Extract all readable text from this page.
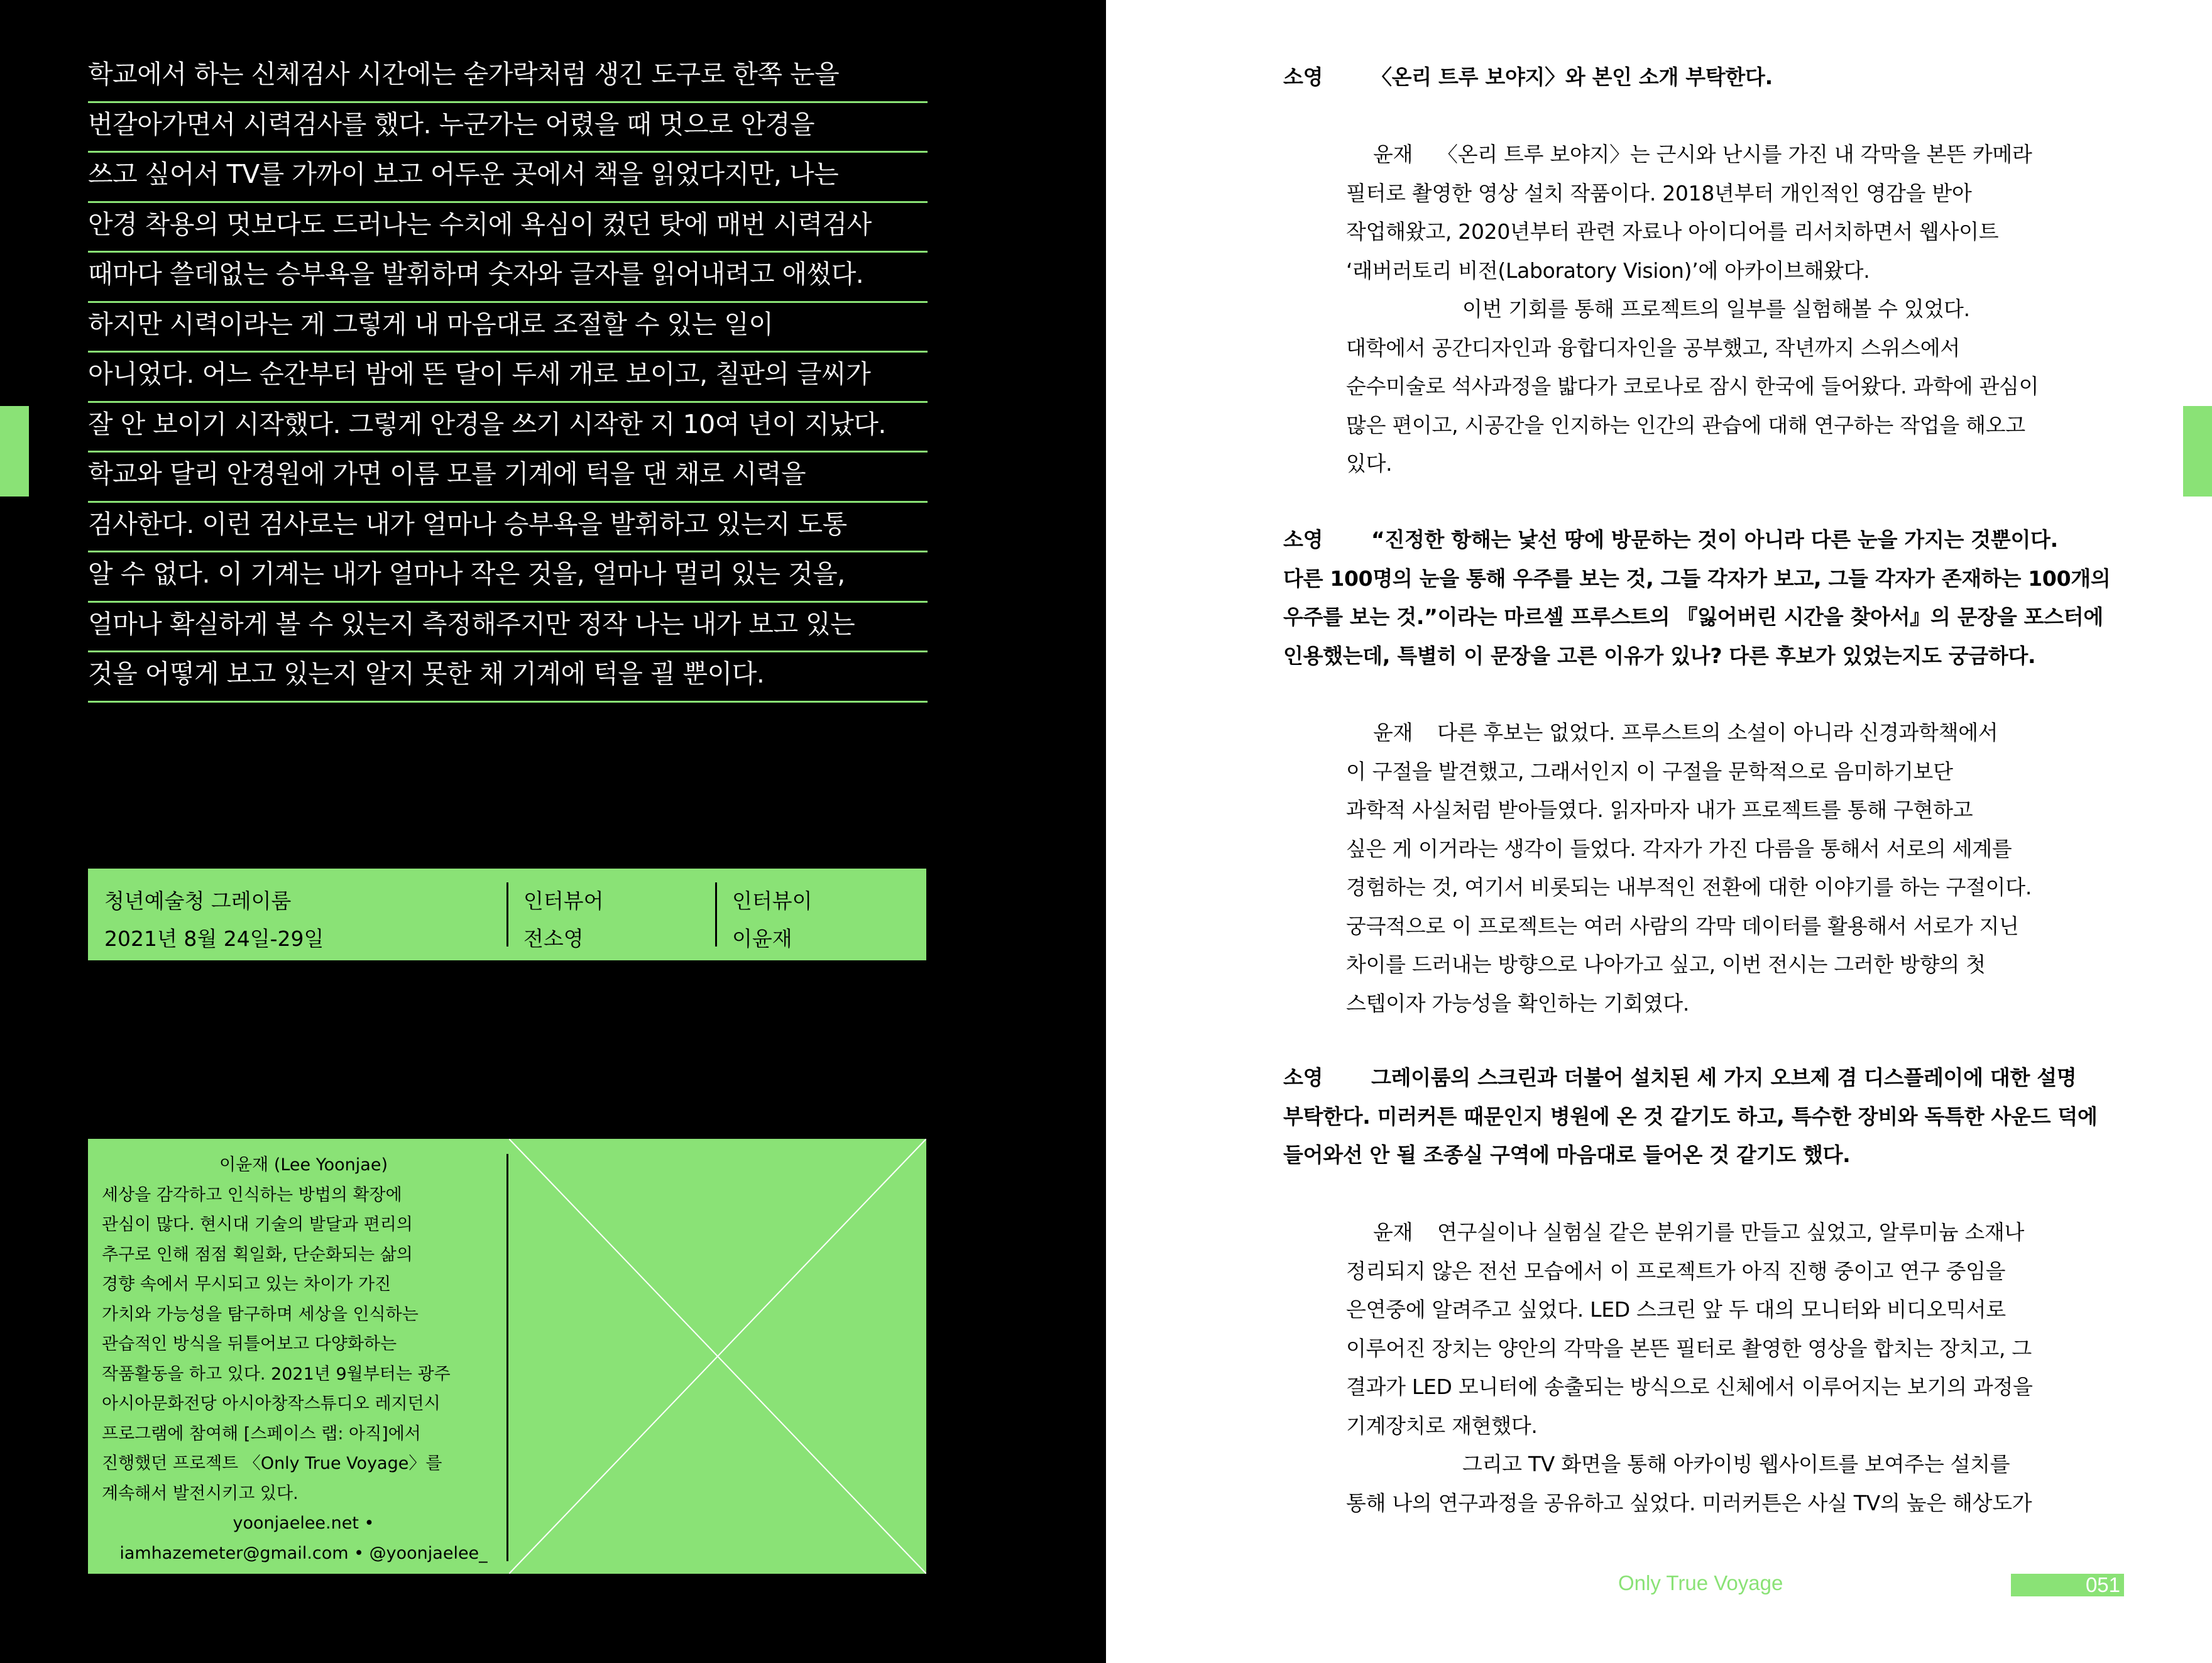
학교에서 하는 신체검사 시간에는 숟가락처럼 생긴 도구로 한쪽 눈을
번갈아가면서 시력검사를 했다. 누군가는 어렸을 때 멋으로 안경을
쓰고 싶어서 TV를 가까이 보고 어두운 곳에서 책을 읽었다지만, 나는
안경 착용의 멋보다도 드러나는 수치에 욕심이 컸던 탓에 매번 시력검사
때마다 쓸데없는 승부욕을 발휘하며 숫자와 글자를 읽어내려고 애썼다.
하지만 시력이라는 게 그렇게 내 마음대로 조절할 수 있는 일이
아니었다. 어느 순간부터 밤에 뜬 달이 두세 개로 보이고, 칠판의 글씨가
잘 안 보이기 시작했다. 그렇게 안경을 쓰기 시작한 지 10여 년이 지났다.
학교와 달리 안경원에 가면 이름 모를 기계에 턱을 댄 채로 시력을
검사한다. 이런 검사로는 내가 얼마나 승부욕을 발휘하고 있는지 도통
알 수 없다. 이 기계는 내가 얼마나 작은 것을, 얼마나 멀리 있는 것을,
얼마나 확실하게 볼 수 있는지 측정해주지만 정작 나는 내가 보고 있는
것을 어떻게 보고 있는지 알지 못한 채 기계에 턱을 괼 뿐이다.
청년예술청 그레이룸
2021년 8월 24일-29일
인터뷰어
전소영
인터뷰이
이윤재
이윤재 (Lee Yoonjae)
세상을 감각하고 인식하는 방법의 확장에
관심이 많다. 현시대 기술의 발달과 편리의
추구로 인해 점점 획일화, 단순화되는 삶의
경향 속에서 무시되고 있는 차이가 가진
가치와 가능성을 탐구하며 세상을 인식하는
관습적인 방식을 뒤틀어보고 다양화하는
작품활동을 하고 있다. 2021년 9월부터는 광주
아시아문화전당 아시아창작스튜디오 레지던시
프로그램에 참여해 [스페이스 랩: 아직]에서
진행했던 프로젝트 〈Only True Voyage〉를
계속해서 발전시키고 있다.
yoonjaelee.net •
iamhazemeter@gmail.com • @yoonjaelee_
소영 〈온리 트루 보야지〉와 본인 소개 부탁한다.
윤재 〈온리 트루 보야지〉는 근시와 난시를 가진 내 각막을 본뜬 카메라
필터로 촬영한 영상 설치 작품이다. 2018년부터 개인적인 영감을 받아
작업해왔고, 2020년부터 관련 자료나 아이디어를 리서치하면서 웹사이트
‘래버러토리 비전(Laboratory Vision)’에 아카이브해왔다.
이번 기회를 통해 프로젝트의 일부를 실험해볼 수 있었다.
대학에서 공간디자인과 융합디자인을 공부했고, 작년까지 스위스에서
순수미술로 석사과정을 밟다가 코로나로 잠시 한국에 들어왔다. 과학에 관심이
많은 편이고, 시공간을 인지하는 인간의 관습에 대해 연구하는 작업을 해오고
있다.
소영 “진정한 항해는 낯선 땅에 방문하는 것이 아니라 다른 눈을 가지는 것뿐이다.
다른 100명의 눈을 통해 우주를 보는 것, 그들 각자가 보고, 그들 각자가 존재하는 100개의
우주를 보는 것.”이라는 마르셀 프루스트의 『잃어버린 시간을 찾아서』의 문장을 포스터에
인용했는데, 특별히 이 문장을 고른 이유가 있나? 다른 후보가 있었는지도 궁금하다.
윤재 다른 후보는 없었다. 프루스트의 소설이 아니라 신경과학책에서
이 구절을 발견했고, 그래서인지 이 구절을 문학적으로 음미하기보단
과학적 사실처럼 받아들였다. 읽자마자 내가 프로젝트를 통해 구현하고
싶은 게 이거라는 생각이 들었다. 각자가 가진 다름을 통해서 서로의 세계를
경험하는 것, 여기서 비롯되는 내부적인 전환에 대한 이야기를 하는 구절이다.
궁극적으로 이 프로젝트는 여러 사람의 각막 데이터를 활용해서 서로가 지닌
차이를 드러내는 방향으로 나아가고 싶고, 이번 전시는 그러한 방향의 첫
스텝이자 가능성을 확인하는 기회였다.
소영 그레이룸의 스크린과 더불어 설치된 세 가지 오브제 겸 디스플레이에 대한 설명
부탁한다. 미러커튼 때문인지 병원에 온 것 같기도 하고, 특수한 장비와 독특한 사운드 덕에
들어와선 안 될 조종실 구역에 마음대로 들어온 것 같기도 했다.
윤재 연구실이나 실험실 같은 분위기를 만들고 싶었고, 알루미늄 소재나
정리되지 않은 전선 모습에서 이 프로젝트가 아직 진행 중이고 연구 중임을
은연중에 알려주고 싶었다. LED 스크린 앞 두 대의 모니터와 비디오믹서로
이루어진 장치는 양안의 각막을 본뜬 필터로 촬영한 영상을 합치는 장치고, 그
결과가 LED 모니터에 송출되는 방식으로 신체에서 이루어지는 보기의 과정을
기계장치로 재현했다.
그리고 TV 화면을 통해 아카이빙 웹사이트를 보여주는 설치를
통해 나의 연구과정을 공유하고 싶었다. 미러커튼은 사실 TV의 높은 해상도가
Only True Voyage	051
